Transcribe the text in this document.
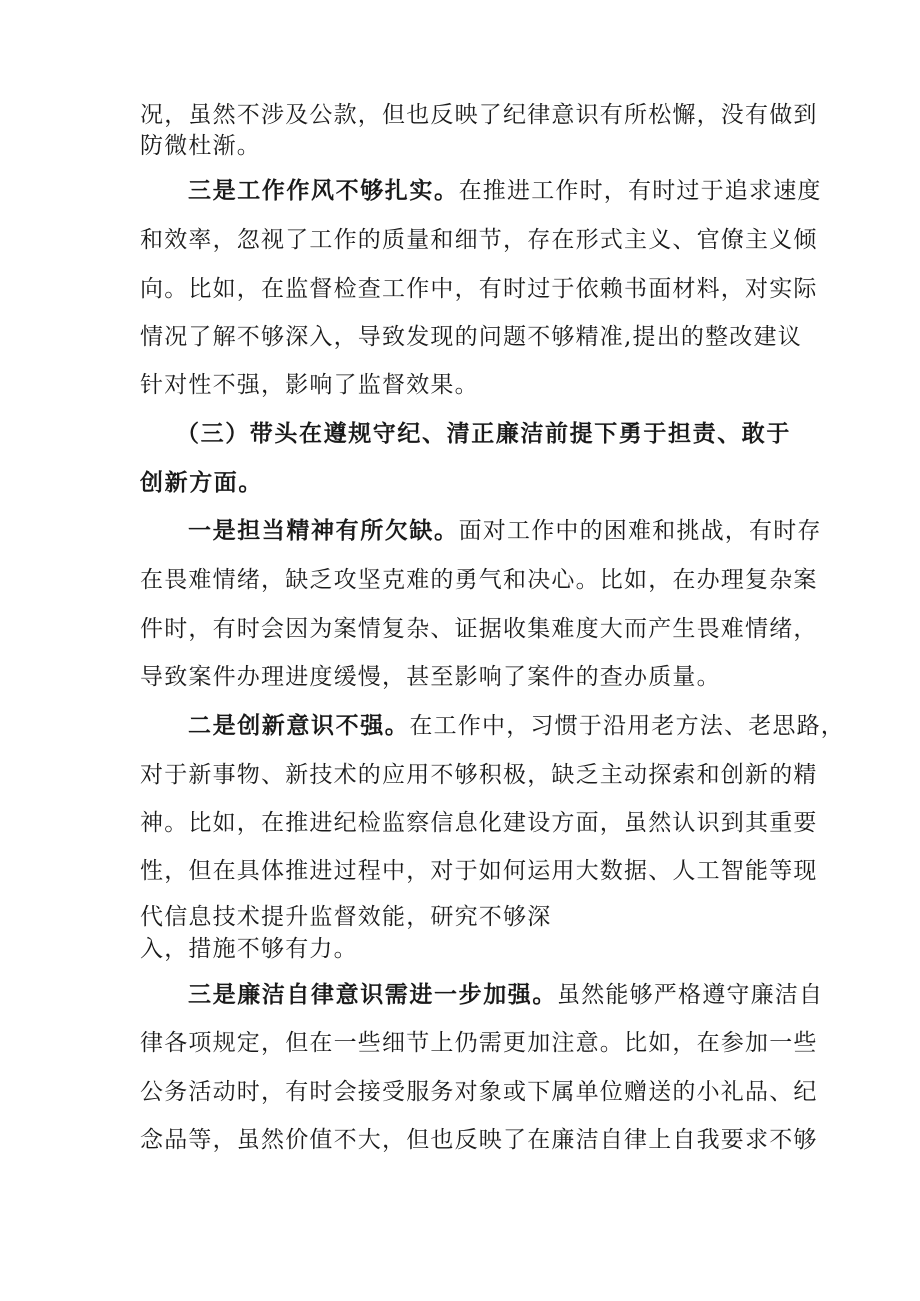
况，虽然不涉及公款，但也反映了纪律意识有所松懈，没有做到
防微杜渐。
三是工作作风不够扎实。在推进工作时，有时过于追求速度
和效率，忽视了工作的质量和细节，存在形式主义、官僚主义倾
向。比如，在监督检查工作中，有时过于依赖书面材料，对实际
情况了解不够深入，导致发现的问题不够精准,提出的整改建议
针对性不强，影响了监督效果。
（三）带头在遵规守纪、清正廉洁前提下勇于担责、敢于
创新方面。
一是担当精神有所欠缺。面对工作中的困难和挑战，有时存
在畏难情绪，缺乏攻坚克难的勇气和决心。比如，在办理复杂案
件时，有时会因为案情复杂、证据收集难度大而产生畏难情绪，
导致案件办理进度缓慢，甚至影响了案件的查办质量。
二是创新意识不强。在工作中，习惯于沿用老方法、老思路，
对于新事物、新技术的应用不够积极，缺乏主动探索和创新的精
神。比如，在推进纪检监察信息化建设方面，虽然认识到其重要
性，但在具体推进过程中，对于如何运用大数据、人工智能等现
代信息技术提升监督效能，研究不够深
入，措施不够有力。
三是廉洁自律意识需进一步加强。虽然能够严格遵守廉洁自
律各项规定，但在一些细节上仍需更加注意。比如，在参加一些
公务活动时，有时会接受服务对象或下属单位赠送的小礼品、纪
念品等，虽然价值不大，但也反映了在廉洁自律上自我要求不够
